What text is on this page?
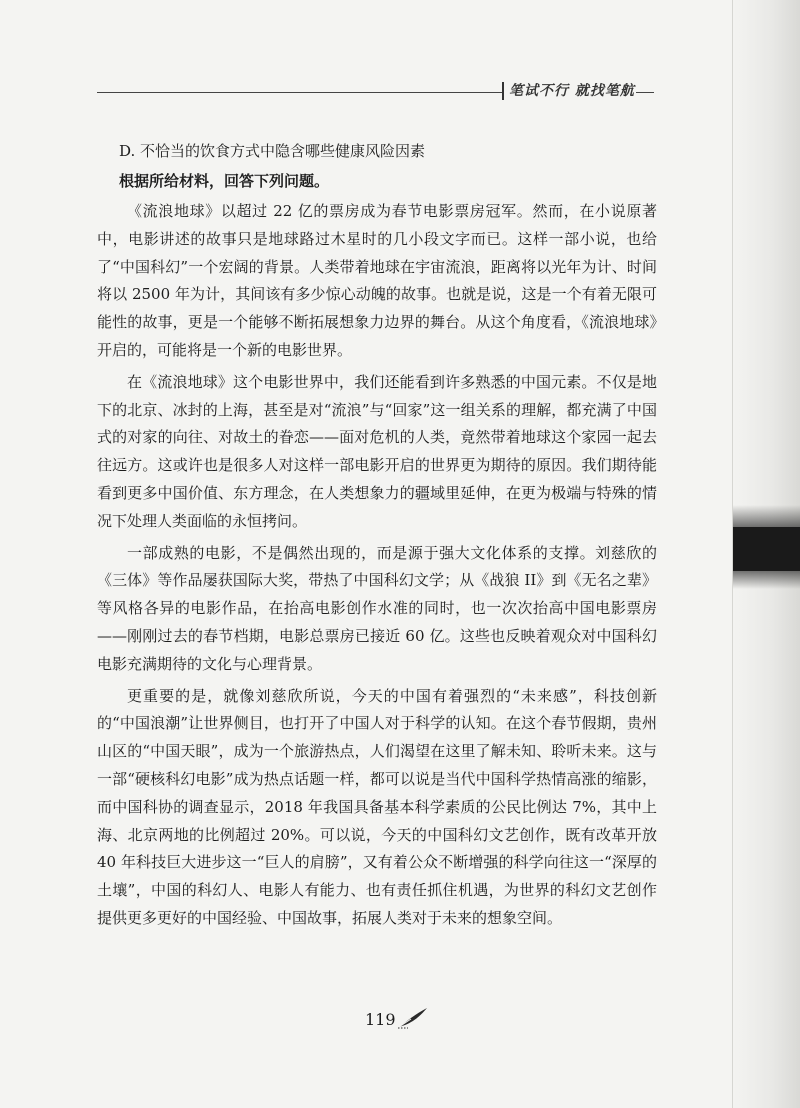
笔试不行 就找笔航
D. 不恰当的饮食方式中隐含哪些健康风险因素
根据所给材料，回答下列问题。

《流浪地球》以超过 22 亿的票房成为春节电影票房冠军。然而，在小说原著中，电影讲述的故事只是地球路过木星时的几小段文字而已。这样一部小说，也给了“中国科幻”一个宏阔的背景。人类带着地球在宇宙流浪，距离将以光年为计、时间将以 2500 年为计，其间该有多少惊心动魄的故事。也就是说，这是一个有着无限可能性的故事，更是一个能够不断拓展想象力边界的舞台。从这个角度看，《流浪地球》开启的，可能将是一个新的电影世界。

在《流浪地球》这个电影世界中，我们还能看到许多熟悉的中国元素。不仅是地下的北京、冰封的上海，甚至是对“流浪”与“回家”这一组关系的理解，都充满了中国式的对家的向往、对故土的眷恋——面对危机的人类，竟然带着地球这个家园一起去往远方。这或许也是很多人对这样一部电影开启的世界更为期待的原因。我们期待能看到更多中国价值、东方理念，在人类想象力的疆域里延伸，在更为极端与特殊的情况下处理人类面临的永恒拷问。

一部成熟的电影，不是偶然出现的，而是源于强大文化体系的支撑。刘慈欣的《三体》等作品屡获国际大奖，带热了中国科幻文学；从《战狼 II》到《无名之辈》等风格各异的电影作品，在抬高电影创作水准的同时，也一次次抬高中国电影票房——刚刚过去的春节档期，电影总票房已接近 60 亿。这些也反映着观众对中国科幻电影充满期待的文化与心理背景。

更重要的是，就像刘慈欣所说，今天的中国有着强烈的“未来感”，科技创新的“中国浪潮”让世界侧目，也打开了中国人对于科学的认知。在这个春节假期，贵州山区的“中国天眼”，成为一个旅游热点，人们渴望在这里了解未知、聆听未来。这与一部“硬核科幻电影”成为热点话题一样，都可以说是当代中国科学热情高涨的缩影，而中国科协的调查显示，2018 年我国具备基本科学素质的公民比例达 7%，其中上海、北京两地的比例超过 20%。可以说，今天的中国科幻文艺创作，既有改革开放 40 年科技巨大进步这一“巨人的肩膀”，又有着公众不断增强的科学向往这一“深厚的土壤”，中国的科幻人、电影人有能力、也有责任抓住机遇，为世界的科幻文艺创作提供更多更好的中国经验、中国故事，拓展人类对于未来的想象空间。

119
